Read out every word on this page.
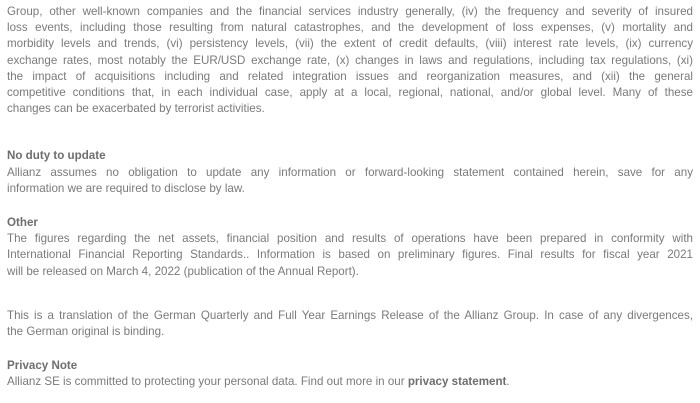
Group, other well-known companies and the financial services industry generally, (iv) the frequency and severity of insured
loss events, including those resulting from natural catastrophes, and the development of loss expenses, (v) mortality and
morbidity levels and trends, (vi) persistency levels, (vii) the extent of credit defaults, (viii) interest rate levels, (ix) currency
exchange rates, most notably the EUR/USD exchange rate, (x) changes in laws and regulations, including tax regulations, (xi)
the impact of acquisitions including and related integration issues and reorganization measures, and (xii) the general
competitive conditions that, in each individual case, apply at a local, regional, national, and/or global level. Many of these
changes can be exacerbated by terrorist activities.
No duty to update
Allianz assumes no obligation to update any information or forward-looking statement contained herein, save for any
information we are required to disclose by law.
Other
The figures regarding the net assets, financial position and results of operations have been prepared in conformity with
International Financial Reporting Standards.. Information is based on preliminary figures. Final results for fiscal year 2021
will be released on March 4, 2022 (publication of the Annual Report).
This is a translation of the German Quarterly and Full Year Earnings Release of the Allianz Group. In case of any divergences,
the German original is binding.
Privacy Note
Allianz SE is committed to protecting your personal data. Find out more in our privacy statement.
